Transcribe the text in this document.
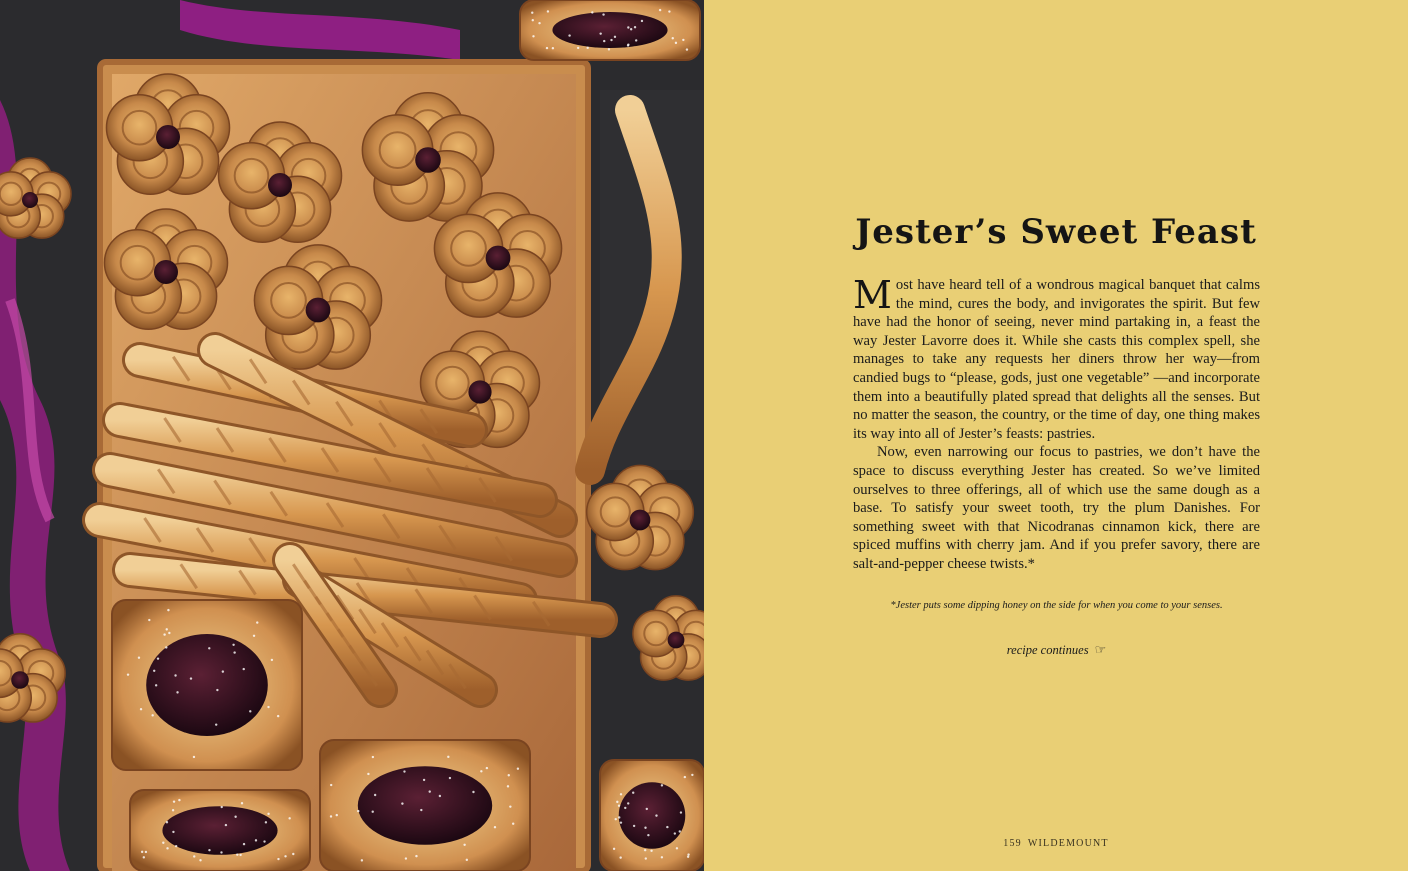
Jester’s Sweet Feast

Most have heard tell of a wondrous magical banquet that calms the mind, cures the body, and invigorates the spirit. But few have had the honor of seeing, never mind partaking in, a feast the way Jester Lavorre does it. While she casts this complex spell, she manages to take any requests her diners throw her way—from candied bugs to “please, gods, just one vegetable” —and incorporate them into a beautifully plated spread that delights all the senses. But no matter the season, the country, or the time of day, one thing makes its way into all of Jester’s feasts: pastries.

Now, even narrowing our focus to pastries, we don’t have the space to discuss everything Jester has created. So we’ve limited ourselves to three offerings, all of which use the same dough as a base. To satisfy your sweet tooth, try the plum Danishes. For something sweet with that Nicodranas cinnamon kick, there are spiced muffins with cherry jam. And if you prefer savory, there are salt-and-pepper cheese twists.*

*Jester puts some dipping honey on the side for when you come to your senses.
recipe continues ☞
159 WILDEMOUNT
